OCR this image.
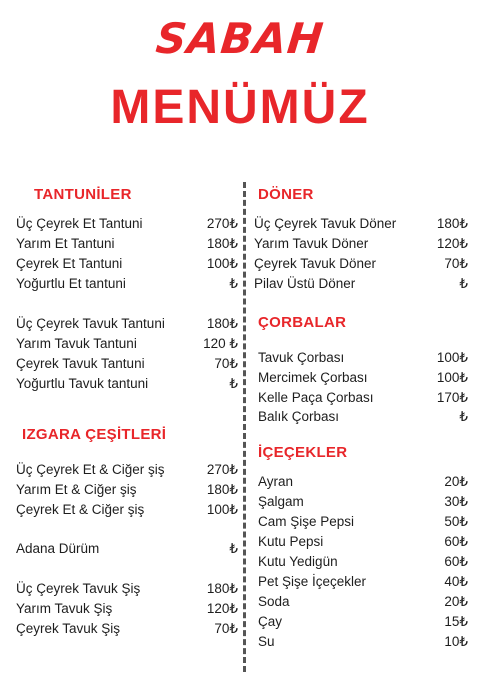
SABAH
MENÜMÜZ
TANTUNİLER
Üç Çeyrek Et Tantuni	270₺
Yarım Et Tantuni	180₺
Çeyrek Et Tantuni	100₺
Yoğurtlu Et tantuni	₺
Üç Çeyrek Tavuk Tantuni	180₺
Yarım Tavuk Tantuni	120 ₺
Çeyrek Tavuk Tantuni	70₺
Yoğurtlu Tavuk tantuni	₺
IZGARA ÇEŞİTLERİ
Üç Çeyrek Et & Ciğer şiş	270₺
Yarım Et & Ciğer şiş	180₺
Çeyrek Et & Ciğer şiş	100₺
Adana Dürüm	₺
Üç Çeyrek Tavuk Şiş	180₺
Yarım Tavuk Şiş	120₺
Çeyrek Tavuk Şiş	70₺
DÖNER
Üç Çeyrek Tavuk Döner	180₺
Yarım Tavuk Döner	120₺
Çeyrek Tavuk Döner	70₺
Pilav Üstü Döner	₺
ÇORBALAR
Tavuk Çorbası	100₺
Mercimek Çorbası	100₺
Kelle Paça Çorbası	170₺
Balık Çorbası	₺
İÇEÇEKLER
Ayran	20₺
Şalgam	30₺
Cam Şişe Pepsi	50₺
Kutu Pepsi	60₺
Kutu Yedigün	60₺
Pet Şişe İçeçekler	40₺
Soda	20₺
Çay	15₺
Su	10₺
